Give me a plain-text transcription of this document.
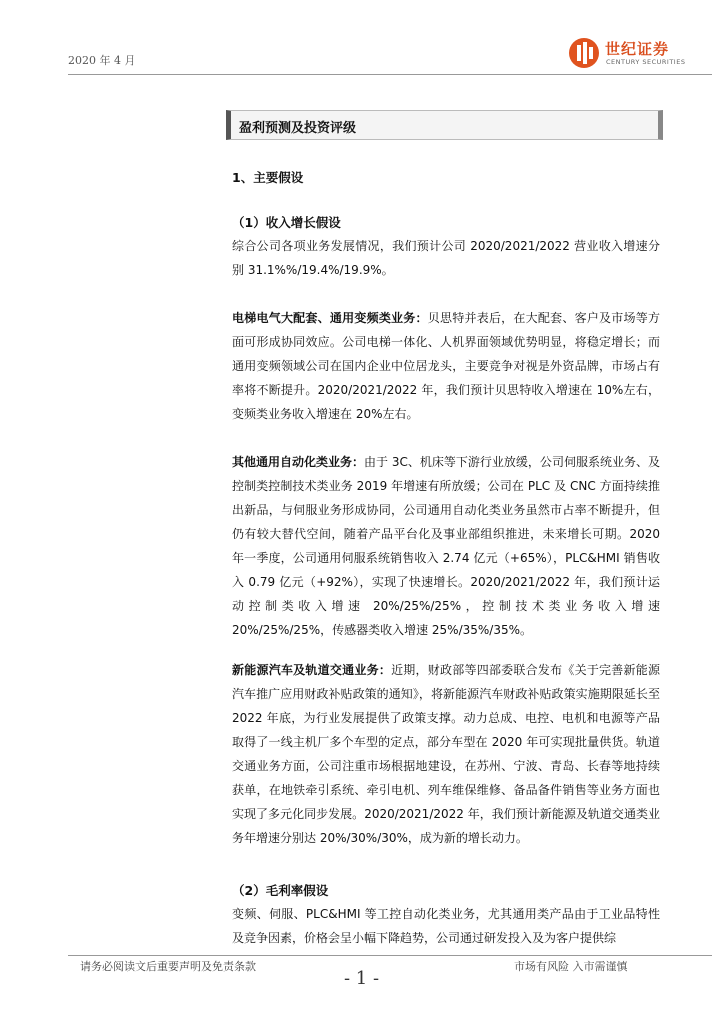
2020 年 4 月
世纪证券
CENTURY SECURITIES
盈利预测及投资评级
1、主要假设
（1）收入增长假设

综合公司各项业务发展情况，我们预计公司 2020/2021/2022 营业收入增速分别 31.1%%/19.4%/19.9%。

电梯电气大配套、通用变频类业务：贝思特并表后，在大配套、客户及市场等方面可形成协同效应。公司电梯一体化、人机界面领域优势明显，将稳定增长；而通用变频领域公司在国内企业中位居龙头，主要竞争对视是外资品牌，市场占有率将不断提升。2020/2021/2022 年，我们预计贝思特收入增速在 10%左右，变频类业务收入增速在 20%左右。

其他通用自动化类业务：由于 3C、机床等下游行业放缓，公司伺服系统业务、及控制类控制技术类业务 2019 年增速有所放缓；公司在 PLC 及 CNC 方面持续推出新品，与伺服业务形成协同，公司通用自动化类业务虽然市占率不断提升，但仍有较大替代空间，随着产品平台化及事业部组织推进，未来增长可期。2020 年一季度，公司通用伺服系统销售收入 2.74 亿元（+65%），PLC&HMI 销售收入 0.79 亿元（+92%），实现了快速增长。2020/2021/2022 年，我们预计运动控制类收入增速 20%/25%/25%，控制技术类业务收入增速 20%/25%/25%，传感器类收入增速 25%/35%/35%。

新能源汽车及轨道交通业务：近期，财政部等四部委联合发布《关于完善新能源汽车推广应用财政补贴政策的通知》，将新能源汽车财政补贴政策实施期限延长至 2022 年底，为行业发展提供了政策支撑。动力总成、电控、电机和电源等产品取得了一线主机厂多个车型的定点，部分车型在 2020 年可实现批量供货。轨道交通业务方面，公司注重市场根据地建设，在苏州、宁波、青岛、长春等地持续获单，在地铁牵引系统、牵引电机、列车维保维修、备品备件销售等业务方面也实现了多元化同步发展。2020/2021/2022 年，我们预计新能源及轨道交通类业务年增速分别达 20%/30%/30%，成为新的增长动力。

（2）毛利率假设

变频、伺服、PLC&HMI 等工控自动化类业务，尤其通用类产品由于工业品特性及竞争因素，价格会呈小幅下降趋势，公司通过研发投入及为客户提供综

请务必阅读文后重要声明及免责条款
- 1 -
市场有风险 入市需谨慎
